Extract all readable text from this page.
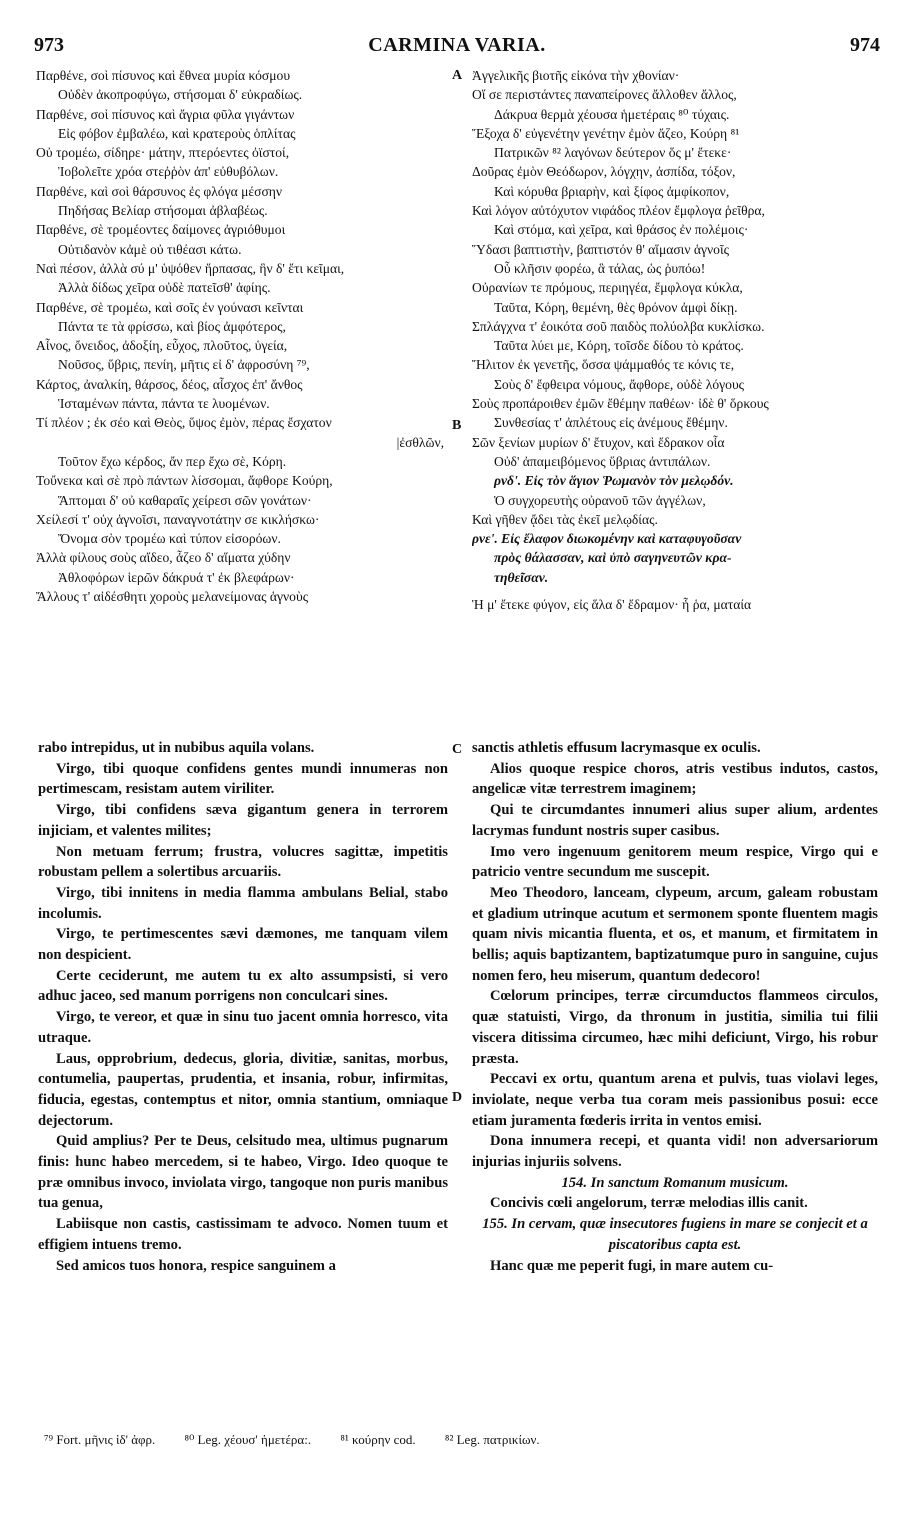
973	CARMINA VARIA.	974
Παρθένε, σοὶ πίσυνος καὶ ἔθνεα μυρία κόσμου
Οὐδὲν ἀκοπροφύγω, στήσομαι δ' εὐκραδίως.
Παρθένε, σοὶ πίσυνος καὶ ἄγρια φῦλα γιγάντων
Εἰς φόβον ἐμβαλέω, καὶ κρατεροὺς ὁπλίτας
Οὐ τρομέω, σίδηρε· μάτην, πτερόεντες ὀϊστοί,
Ἰοβολεῖτε χρόα στεῤῥὸν ἀπ' εὐθυβόλων.
Παρθένε, καὶ σοὶ θάρσυνος ἐς φλόγα μέσσην
Πηδήσας Βελίαρ στήσομαι ἀβλαβέως.
Παρθένε, σὲ τρομέοντες δαίμονες ἀγριόθυμοι
Οὐτιδανὸν κἀμὲ οὐ τιθέασι κάτω.
Ναὶ πέσον, ἀλλὰ σύ μ' ὑψόθεν ἥρπασας, ἣν δ' ἔτι κεῖμαι,
Ἀλλὰ δίδως χεῖρα οὐδὲ πατεῖσθ' ἀφίης.
Παρθένε, σὲ τρομέω, καὶ σοῖς ἐν γούνασι κεῖνται
Πάντα τε τὰ φρίσσω, καὶ βίος ἀμφότερος,
Αἶνος, ὄνειδος, ἀδοξίη, εὖχος, πλοῦτος, ὑγεία,
Νοῦσος, ὕβρις, πενίη, μῆτις εἰ δ' ἀφροσύνη ⁷⁹,
Κάρτος, ἀναλκίη, θάρσος, δέος, αἶσχος ἐπ' ἄνθος
Ἱσταμένων πάντα, πάντα τε λυομένων.
Τί πλέον ; ἐκ σέο καὶ Θεὸς, ὕψος ἐμὸν, πέρας ἔσχατον
|ἐσθλῶν,
Τοῦτον ἔχω κέρδος, ἄν περ ἔχω σὲ, Κόρη.
Τοὔνεκα καὶ σὲ πρὸ πάντων λίσσομαι, ἄφθορε Κούρη,
Ἅπτομαι δ' οὐ καθαραῖς χείρεσι σῶν γονάτων·
Χείλεσί τ' οὐχ ἁγνοῖσι, παναγνοτάτην σε κικλήσκω·
Ὄνομα σὸν τρομέω καὶ τύπον εἰσορόων.
Ἀλλὰ φίλους σοὺς αἴδεο, ἆζεο δ' αἵματα χύδην
Ἀθλοφόρων ἱερῶν δάκρυά τ' ἐκ βλεφάρων·
Ἄλλους τ' αἰδέσθητι χοροὺς μελανείμονας ἁγνοὺς
Ἀγγελικῆς βιοτῆς εἰκόνα τὴν χθονίαν·
Οἵ σε περιστάντες παναπείρονες ἄλλοθεν ἄλλος,
Δάκρυα θερμὰ χέουσα ἡμετέραις ⁸⁰ τύχαις.
Ἔξοχα δ' εὐγενέτην γενέτην ἐμὸν ἄζεο, Κούρη ⁸¹
Πατρικῶν ⁸² λαγόνων δεύτερον ὅς μ' ἔτεκε·
Δοῦρας ἐμὸν Θεόδωρον, λόγχην, ἀσπίδα, τόξον,
Καὶ κόρυθα βριαρὴν, καὶ ξίφος ἀμφίκοπον,
Καὶ λόγον αὐτόχυτον νιφάδος πλέον ἔμφλογα ῥεῖθρα,
Καὶ στόμα, καὶ χεῖρα, καὶ θράσος ἐν πολέμοις·
Ὕδασι βαπτιστὴν, βαπτιστόν θ' αἵμασιν ἁγνοῖς
Οὗ κλῆσιν φορέω, ἃ τάλας, ὡς ῥυπόω!
Οὐρανίων τε πρόμους, περιηγέα, ἔμφλογα κύκλα,
Ταῦτα, Κόρη, θεμένη, θὲς θρόνον ἀμφὶ δίκῃ.
Σπλάγχνα τ' ἐοικότα σοῦ παιδὸς πολύολβα κυκλίσκω.
Ταῦτα λύει με, Κόρη, τοῖσδε δίδου τὸ κράτος.
Ἤλιτον ἐκ γενετῆς, ὅσσα ψάμμαθός τε κόνις τε,
Σοὺς δ' ἔφθειρα νόμους, ἄφθορε, οὐδὲ λόγους
Σοὺς προπάροιθεν ἐμῶν ἔθέμην παθέων· ἰδὲ θ' ὅρκους
Συνθεσίας τ' ἀπλέτους εἰς ἀνέμους ἔθέμην.
Σῶν ξενίων μυρίων δ' ἔτυχον, καὶ ἔδρακον οἷα
Οὐδ' ἀπαμειβόμενος ὕβριας ἀντιπάλων.
ρνδ'. Εἰς τὸν ἅγιον Ῥωμανὸν τὸν μελῳδόν.
Ὁ συγχορευτὴς οὐρανοῦ τῶν ἀγγέλων,
Καὶ γῆθεν ᾄδει τὰς ἐκεῖ μελῳδίας.
ρνε'. Εἰς ἔλαφον διωκομένην καὶ καταφυγοῦσαν
πρὸς θάλασσαν, καὶ ὑπὸ σαγηνευτῶν κρα-
τηθεῖσαν.
Ἡ μ' ἔτεκε φύγον, εἰς ἅλα δ' ἔδραμον· ἦ ῥα, ματαία
A
B
C
D

rabo intrepidus, ut in nubibus aquila volans.

Virgo, tibi quoque confidens gentes mundi innumeras non pertimescam, resistam autem viriliter.

Virgo, tibi confidens sæva gigantum genera in terrorem injiciam, et valentes milites;

Non metuam ferrum; frustra, volucres sagittæ, impetitis robustam pellem a solertibus arcuariis.

Virgo, tibi innitens in media flamma ambulans Belial, stabo incolumis.

Virgo, te pertimescentes sævi dæmones, me tanquam vilem non despicient.

Certe ceciderunt, me autem tu ex alto assumpsisti, si vero adhuc jaceo, sed manum porrigens non conculcari sines.

Virgo, te vereor, et quæ in sinu tuo jacent omnia horresco, vita utraque.

Laus, opprobrium, dedecus, gloria, divitiæ, sanitas, morbus, contumelia, paupertas, prudentia, et insania, robur, infirmitas, fiducia, egestas, contemptus et nitor, omnia stantium, omniaque dejectorum.

Quid amplius? Per te Deus, celsitudo mea, ultimus pugnarum finis: hunc habeo mercedem, si te habeo, Virgo. Ideo quoque te præ omnibus invoco, inviolata virgo, tangoque non puris manibus tua genua,

Labiisque non castis, castissimam te advoco. Nomen tuum et effigiem intuens tremo.

Sed amicos tuos honora, respice sanguinem a

sanctis athletis effusum lacrymasque ex oculis.

Alios quoque respice choros, atris vestibus indutos, castos, angelicæ vitæ terrestrem imaginem;

Qui te circumdantes innumeri alius super alium, ardentes lacrymas fundunt nostris super casibus.

Imo vero ingenuum genitorem meum respice, Virgo qui e patricio ventre secundum me suscepit.

Meo Theodoro, lanceam, clypeum, arcum, galeam robustam et gladium utrinque acutum et sermonem sponte fluentem magis quam nivis micantia fluenta, et os, et manum, et firmitatem in bellis; aquis baptizantem, baptizatumque puro in sanguine, cujus nomen fero, heu miserum, quantum dedecoro!

Cœlorum principes, terræ circumductos flammeos circulos, quæ statuisti, Virgo, da thronum in justitia, similia tui filii viscera ditissima circumeo, hæc mihi deficiunt, Virgo, his robur præsta.

Peccavi ex ortu, quantum arena et pulvis, tuas violavi leges, inviolate, neque verba tua coram meis passionibus posui: ecce etiam juramenta fœderis irrita in ventos emisi.

Dona innumera recepi, et quanta vidi! non adversariorum injurias injuriis solvens.

154. In sanctum Romanum musicum.

Concivis cœli angelorum, terræ melodias illis canit.

155. In cervam, quæ insecutores fugiens in mare se conjecit et a piscatoribus capta est.

Hanc quæ me peperit fugi, in mare autem cu-

⁷⁹ Fort. μῆνις ἰδ' ἀφρ. ⁸⁰ Leg. χέουσ' ἡμετέρα:. ⁸¹ κούρην cod. ⁸² Leg. πατρικίων.
